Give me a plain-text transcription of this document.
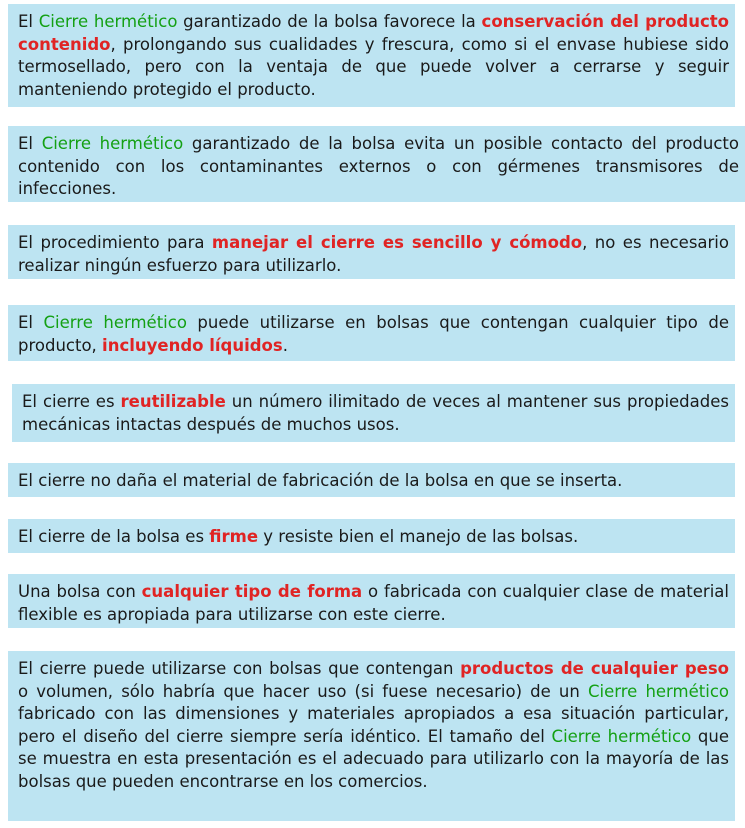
El Cierre hermético garantizado de la bolsa favorece la conservación del producto contenido, prolongando sus cualidades y frescura, como si el envase hubiese sido termosellado, pero con la ventaja de que puede volver a cerrarse y seguir manteniendo protegido el producto.
El Cierre hermético garantizado de la bolsa evita un posible contacto del producto contenido con los contaminantes externos o con gérmenes transmisores de infecciones.
El procedimiento para manejar el cierre es sencillo y cómodo, no es necesario realizar ningún esfuerzo para utilizarlo.
El Cierre hermético puede utilizarse en bolsas que contengan cualquier tipo de producto, incluyendo líquidos.
El cierre es reutilizable un número ilimitado de veces al mantener sus propiedades mecánicas intactas después de muchos usos.
El cierre no daña el material de fabricación de la bolsa en que se inserta.
El cierre de la bolsa es firme y resiste bien el manejo de las bolsas.
Una bolsa con cualquier tipo de forma o fabricada con cualquier clase de material flexible es apropiada para utilizarse con este cierre.
El cierre puede utilizarse con bolsas que contengan productos de cualquier peso o volumen, sólo habría que hacer uso (si fuese necesario) de un Cierre hermético fabricado con las dimensiones y materiales apropiados a esa situación particular, pero el diseño del cierre siempre sería idéntico. El tamaño del Cierre hermético que se muestra en esta presentación es el adecuado para utilizarlo con la mayoría de las bolsas que pueden encontrarse en los comercios.
